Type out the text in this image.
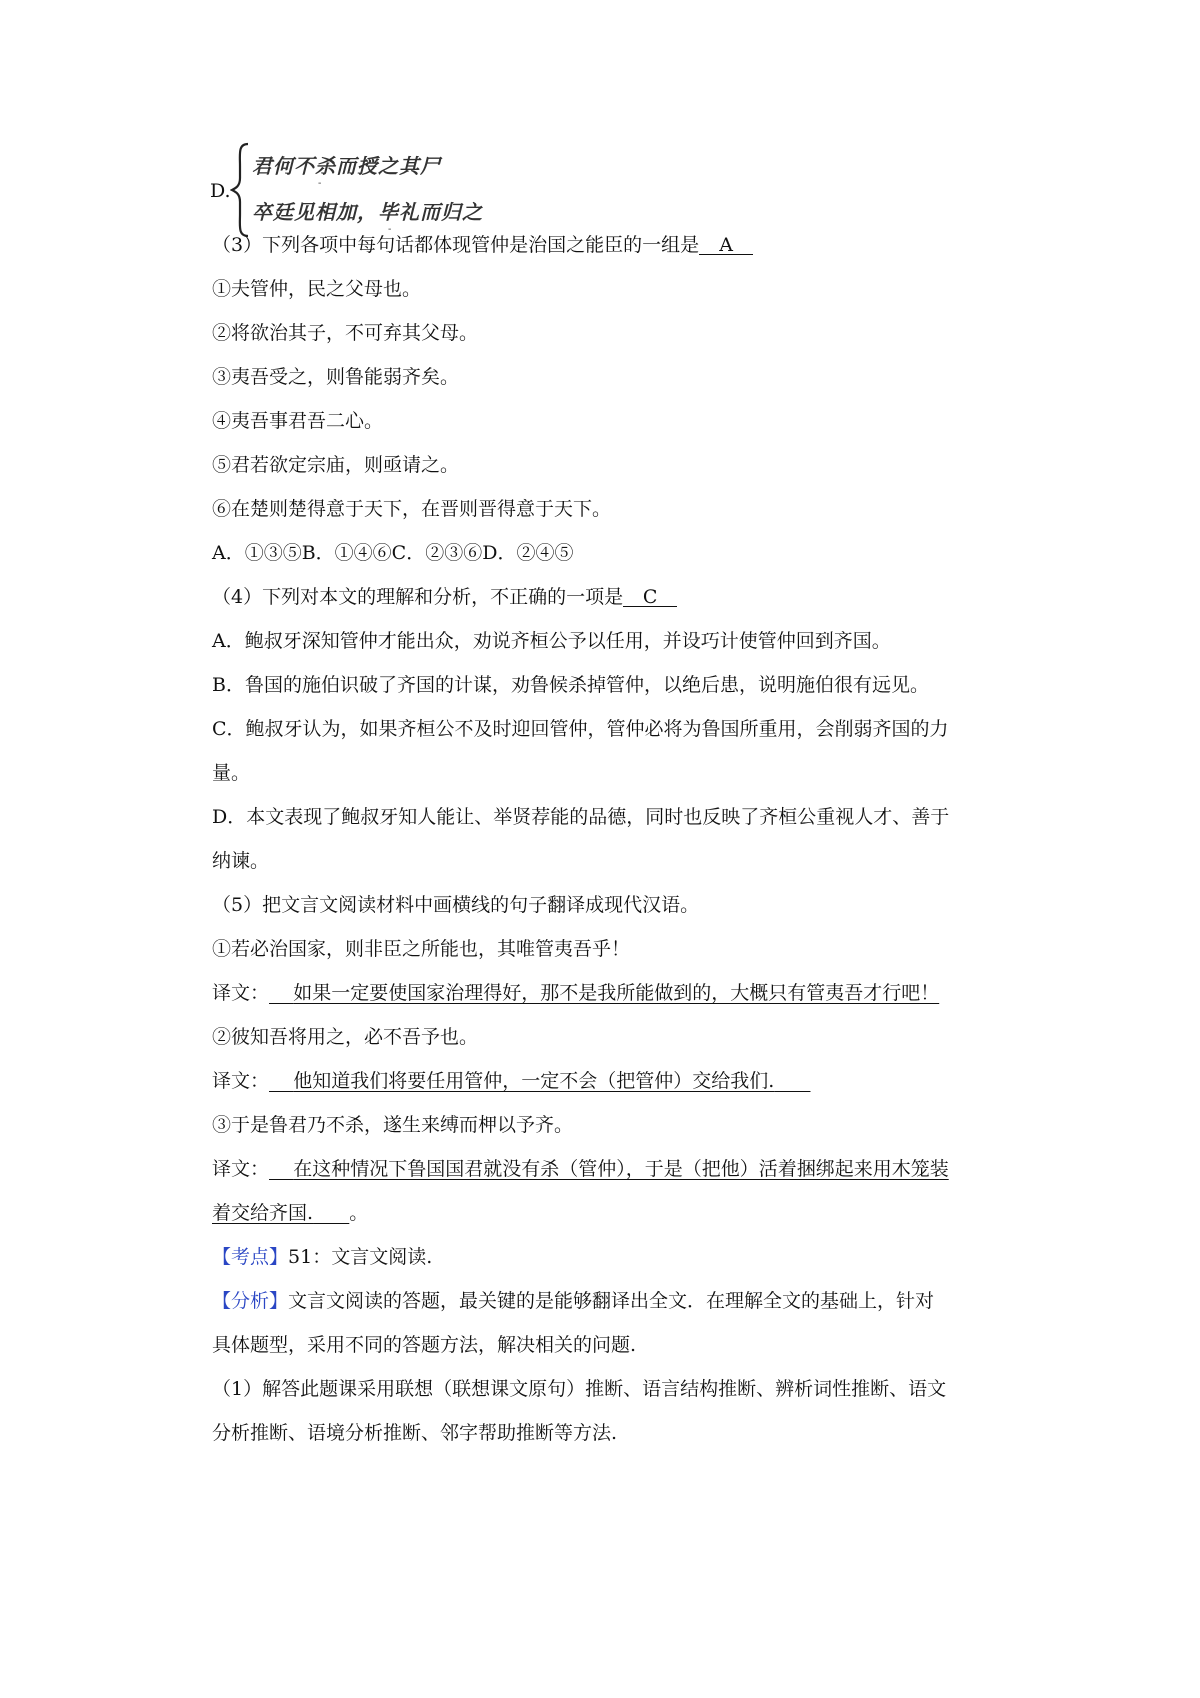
D.
君何不杀而授之其尸
-
卒廷见相加，毕礼而归之
-
（3）下列各项中每句话都体现管仲是治国之能臣的一组是 A
①夫管仲，民之父母也。
②将欲治其子，不可弃其父母。
③夷吾受之，则鲁能弱齐矣。
④夷吾事君吾二心。
⑤君若欲定宗庙，则亟请之。
⑥在楚则楚得意于天下，在晋则晋得意于天下。
A．①③⑤B．①④⑥C．②③⑥D．②④⑤
（4）下列对本文的理解和分析，不正确的一项是 C
A．鲍叔牙深知管仲才能出众，劝说齐桓公予以任用，并设巧计使管仲回到齐国。
B．鲁国的施伯识破了齐国的计谋，劝鲁候杀掉管仲，以绝后患，说明施伯很有远见。
C．鲍叔牙认为，如果齐桓公不及时迎回管仲，管仲必将为鲁国所重用，会削弱齐国的力
量。
D．本文表现了鲍叔牙知人能让、举贤荐能的品德，同时也反映了齐桓公重视人才、善于
纳谏。
（5）把文言文阅读材料中画横线的句子翻译成现代汉语。
①若必治国家，则非臣之所能也，其唯管夷吾乎！
译文： 如果一定要使国家治理得好，那不是我所能做到的，大概只有管夷吾才行吧！
②彼知吾将用之，必不吾予也。
译文： 他知道我们将要任用管仲，一定不会（把管仲）交给我们.
③于是鲁君乃不杀，遂生来缚而柙以予齐。
译文： 在这种情况下鲁国国君就没有杀（管仲），于是（把他）活着捆绑起来用木笼装
着交给齐国. 。
【考点】51：文言文阅读.
【分析】文言文阅读的答题，最关键的是能够翻译出全文．在理解全文的基础上，针对
具体题型，采用不同的答题方法，解决相关的问题.
（1）解答此题课采用联想（联想课文原句）推断、语言结构推断、辨析词性推断、语文
分析推断、语境分析推断、邻字帮助推断等方法.
